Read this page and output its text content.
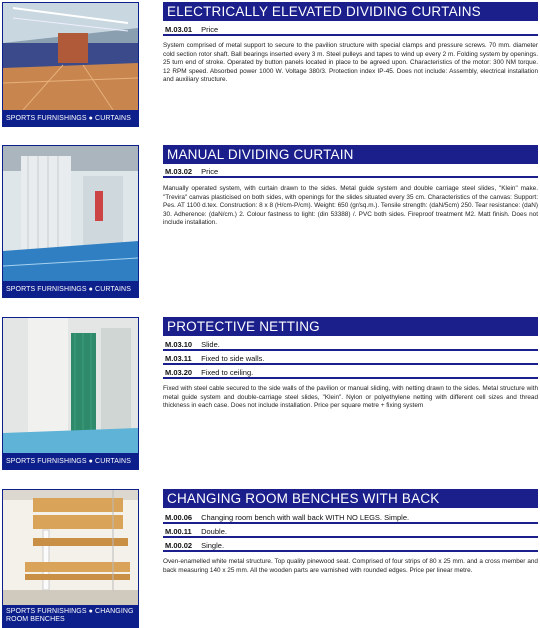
SPORTS FURNISHINGS ● CURTAINS
ELECTRICALLY ELEVATED DIVIDING CURTAINS
M.03.01 Price
System comprised of metal support to secure to the pavilion structure with special clamps and pressure screws. 70 mm. diameter cold section rotor shaft. Ball bearings inserted every 3 m. Steel pulleys and tapes to wind up every 2 m. Folding system by openings. 25 turn end of stroke. Operated by button panels located in place to be agreed upon. Characteristics of the motor: 300 NM torque. 12 RPM speed. Absorbed power 1000 W. Voltage 380/3. Protection index IP-45. Does not include: Assembly, electrical installation and auxiliary structure.
SPORTS FURNISHINGS ● CURTAINS
MANUAL DIVIDING CURTAIN
M.03.02 Price
Manually operated system, with curtain drawn to the sides. Metal guide system and double carriage steel slides, "Klein" make. "Trevira" canvas plasticised on both sides, with openings for the slides situated every 35 cm. Characteristics of the canvas: Support: Pes. AT 1100 d.tex. Construction: 8 x 8 (H/cm-P/cm). Weight: 650 (gr/sq.m.). Tensile strength: (daN/5cm) 250. Tear resistance: (daN) 30. Adherence: (daN/cm.) 2. Colour fastness to light: (din 53388) /. PVC both sides. Fireproof treatment M2. Matt finish. Does not include installation.
SPORTS FURNISHINGS ● CURTAINS
PROTECTIVE NETTING
M.03.10 Slide.
M.03.11 Fixed to side walls.
M.03.20 Fixed to ceiling.
Fixed with steel cable secured to the side walls of the pavilion or manual sliding, with netting drawn to the sides. Metal structure with metal guide system and double-carriage steel slides, "Klein". Nylon or polyethylene netting with different cell sizes and thread thickness in each case. Does not include installation. Price per square metre + fixing system
SPORTS FURNISHINGS ● CHANGING ROOM BENCHES
CHANGING ROOM BENCHES WITH BACK
M.00.06 Changing room bench with wall back WITH NO LEGS. Simple.
M.00.11 Double.
M.00.02 Single.
Oven-enamelled white metal structure. Top quality pinewood seat. Comprised of four strips of 80 x 25 mm. and a cross member and back measuring 140 x 25 mm. All the wooden parts are varnished with rounded edges. Price per linear metre.
